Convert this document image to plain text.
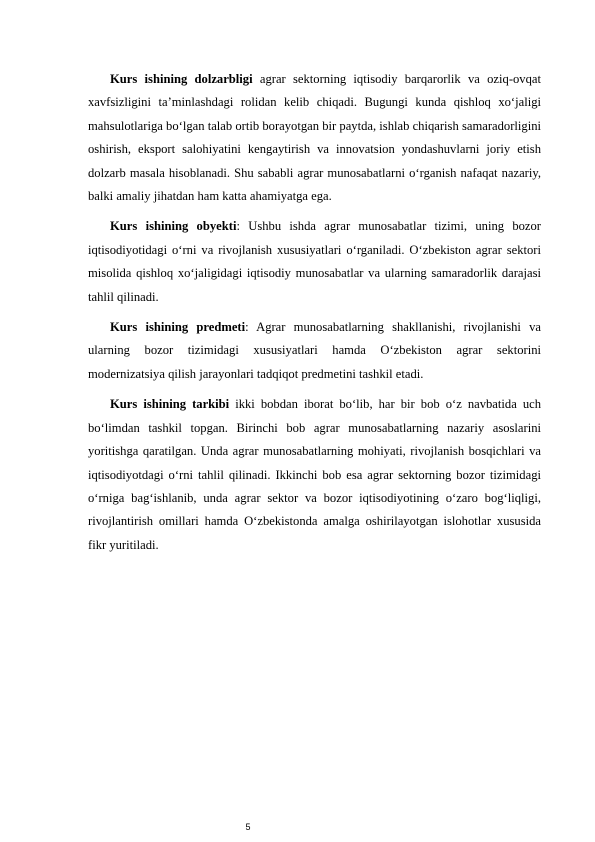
Kurs ishining dolzarbligi agrar sektorning iqtisodiy barqarorlik va oziq-ovqat xavfsizligini ta’minlashdagi rolidan kelib chiqadi. Bugungi kunda qishloq xo‘jaligi mahsulotlariga bo‘lgan talab ortib borayotgan bir paytda, ishlab chiqarish samaradorligini oshirish, eksport salohiyatini kengaytirish va innovatsion yondashuvlarni joriy etish dolzarb masala hisoblanadi. Shu sababli agrar munosabatlarni o‘rganish nafaqat nazariy, balki amaliy jihatdan ham katta ahamiyatga ega.

Kurs ishining obyekti: Ushbu ishda agrar munosabatlar tizimi, uning bozor iqtisodiyotidagi o‘rni va rivojlanish xususiyatlari o‘rganiladi. O‘zbekiston agrar sektori misolida qishloq xo‘jaligidagi iqtisodiy munosabatlar va ularning samaradorlik darajasi tahlil qilinadi.

Kurs ishining predmeti: Agrar munosabatlarning shakllanishi, rivojlanishi va ularning bozor tizimidagi xususiyatlari hamda O‘zbekiston agrar sektorini modernizatsiya qilish jarayonlari tadqiqot predmetini tashkil etadi.

Kurs ishining tarkibi ikki bobdan iborat bo‘lib, har bir bob o‘z navbatida uch bo‘limdan tashkil topgan. Birinchi bob agrar munosabatlarning nazariy asoslarini yoritishga qaratilgan. Unda agrar munosabatlarning mohiyati, rivojlanish bosqichlari va iqtisodiyotdagi o‘rni tahlil qilinadi. Ikkinchi bob esa agrar sektorning bozor tizimidagi o‘rniga bag‘ishlanib, unda agrar sektor va bozor iqtisodiyotining o‘zaro bog‘liqligi, rivojlantirish omillari hamda O‘zbekistonda amalga oshirilayotgan islohotlar xususida fikr yuritiladi.

5
